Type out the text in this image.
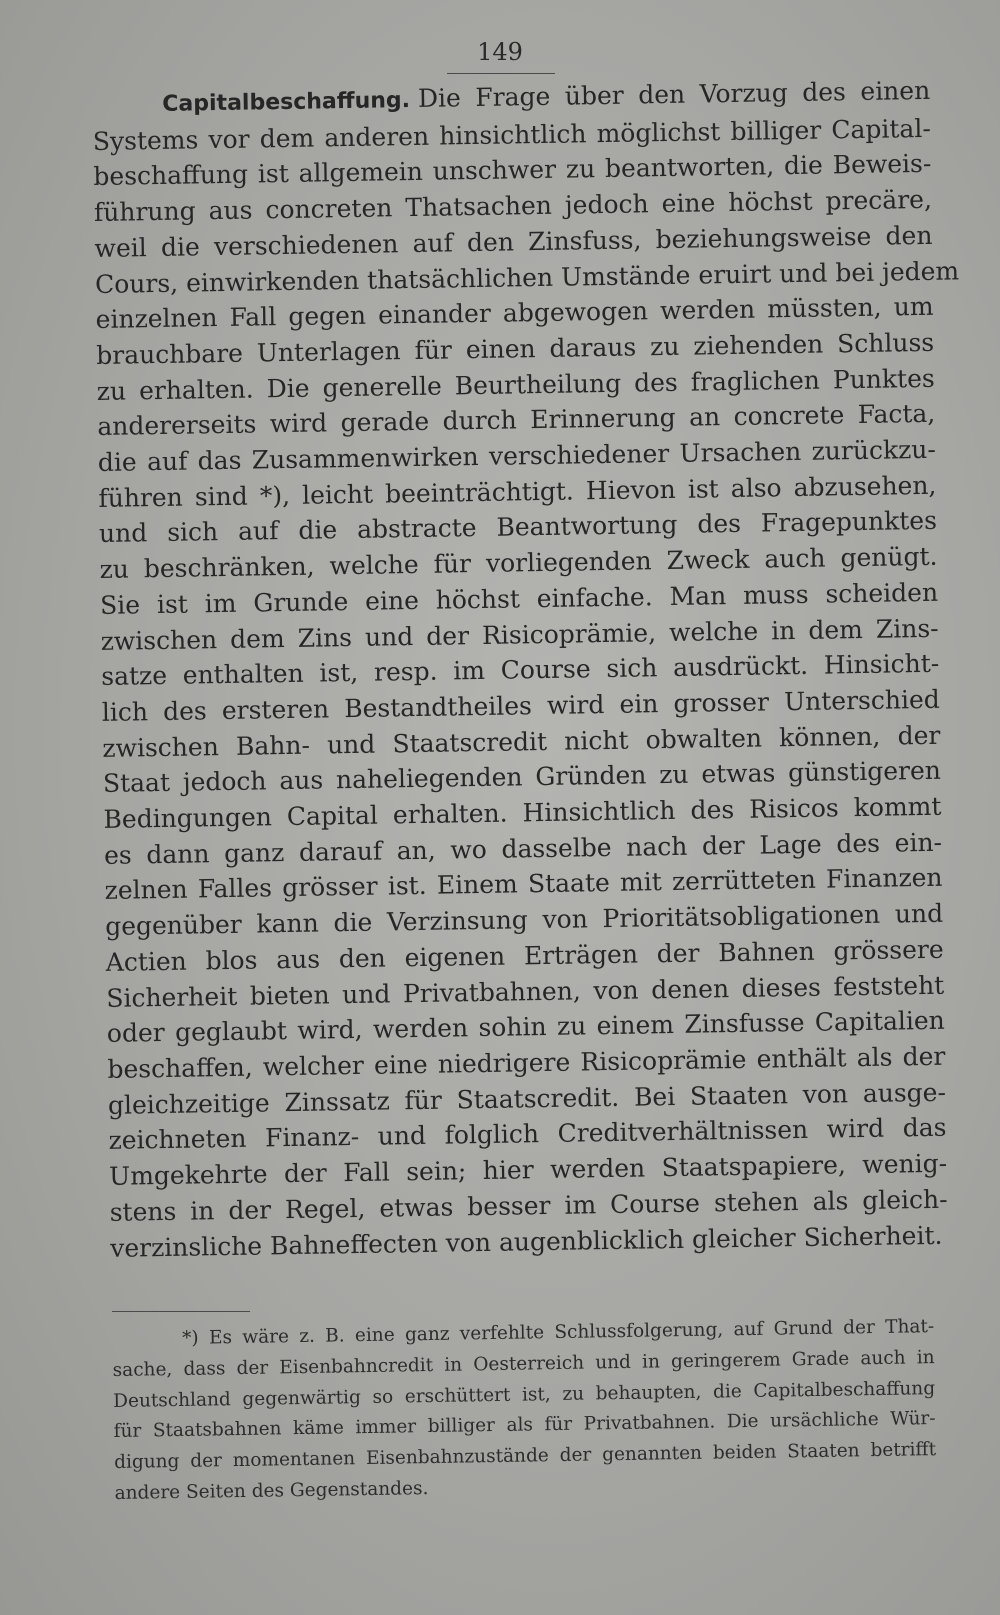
149
Capitalbeschaffung. Die Frage über den Vorzug des einen
Systems vor dem anderen hinsichtlich möglichst billiger Capital-
beschaffung ist allgemein unschwer zu beantworten, die Beweis-
führung aus concreten Thatsachen jedoch eine höchst precäre,
weil die verschiedenen auf den Zinsfuss, beziehungsweise den
Cours, einwirkenden thatsächlichen Umstände eruirt und bei jedem
einzelnen Fall gegen einander abgewogen werden müssten, um
brauchbare Unterlagen für einen daraus zu ziehenden Schluss
zu erhalten. Die generelle Beurtheilung des fraglichen Punktes
andererseits wird gerade durch Erinnerung an concrete Facta,
die auf das Zusammenwirken verschiedener Ursachen zurückzu-
führen sind *), leicht beeinträchtigt. Hievon ist also abzusehen,
und sich auf die abstracte Beantwortung des Fragepunktes
zu beschränken, welche für vorliegenden Zweck auch genügt.
Sie ist im Grunde eine höchst einfache. Man muss scheiden
zwischen dem Zins und der Risicoprämie, welche in dem Zins-
satze enthalten ist, resp. im Course sich ausdrückt. Hinsicht-
lich des ersteren Bestandtheiles wird ein grosser Unterschied
zwischen Bahn- und Staatscredit nicht obwalten können, der
Staat jedoch aus naheliegenden Gründen zu etwas günstigeren
Bedingungen Capital erhalten. Hinsichtlich des Risicos kommt
es dann ganz darauf an, wo dasselbe nach der Lage des ein-
zelnen Falles grösser ist. Einem Staate mit zerrütteten Finanzen
gegenüber kann die Verzinsung von Prioritätsobligationen und
Actien blos aus den eigenen Erträgen der Bahnen grössere
Sicherheit bieten und Privatbahnen, von denen dieses feststeht
oder geglaubt wird, werden sohin zu einem Zinsfusse Capitalien
beschaffen, welcher eine niedrigere Risicoprämie enthält als der
gleichzeitige Zinssatz für Staatscredit. Bei Staaten von ausge-
zeichneten Finanz- und folglich Creditverhältnissen wird das
Umgekehrte der Fall sein; hier werden Staatspapiere, wenig-
stens in der Regel, etwas besser im Course stehen als gleich-
verzinsliche Bahneffecten von augenblicklich gleicher Sicherheit.
*) Es wäre z. B. eine ganz verfehlte Schlussfolgerung, auf Grund der That-
sache, dass der Eisenbahncredit in Oesterreich und in geringerem Grade auch in
Deutschland gegenwärtig so erschüttert ist, zu behaupten, die Capitalbeschaffung
für Staatsbahnen käme immer billiger als für Privatbahnen. Die ursächliche Wür-
digung der momentanen Eisenbahnzustände der genannten beiden Staaten betrifft
andere Seiten des Gegenstandes.
